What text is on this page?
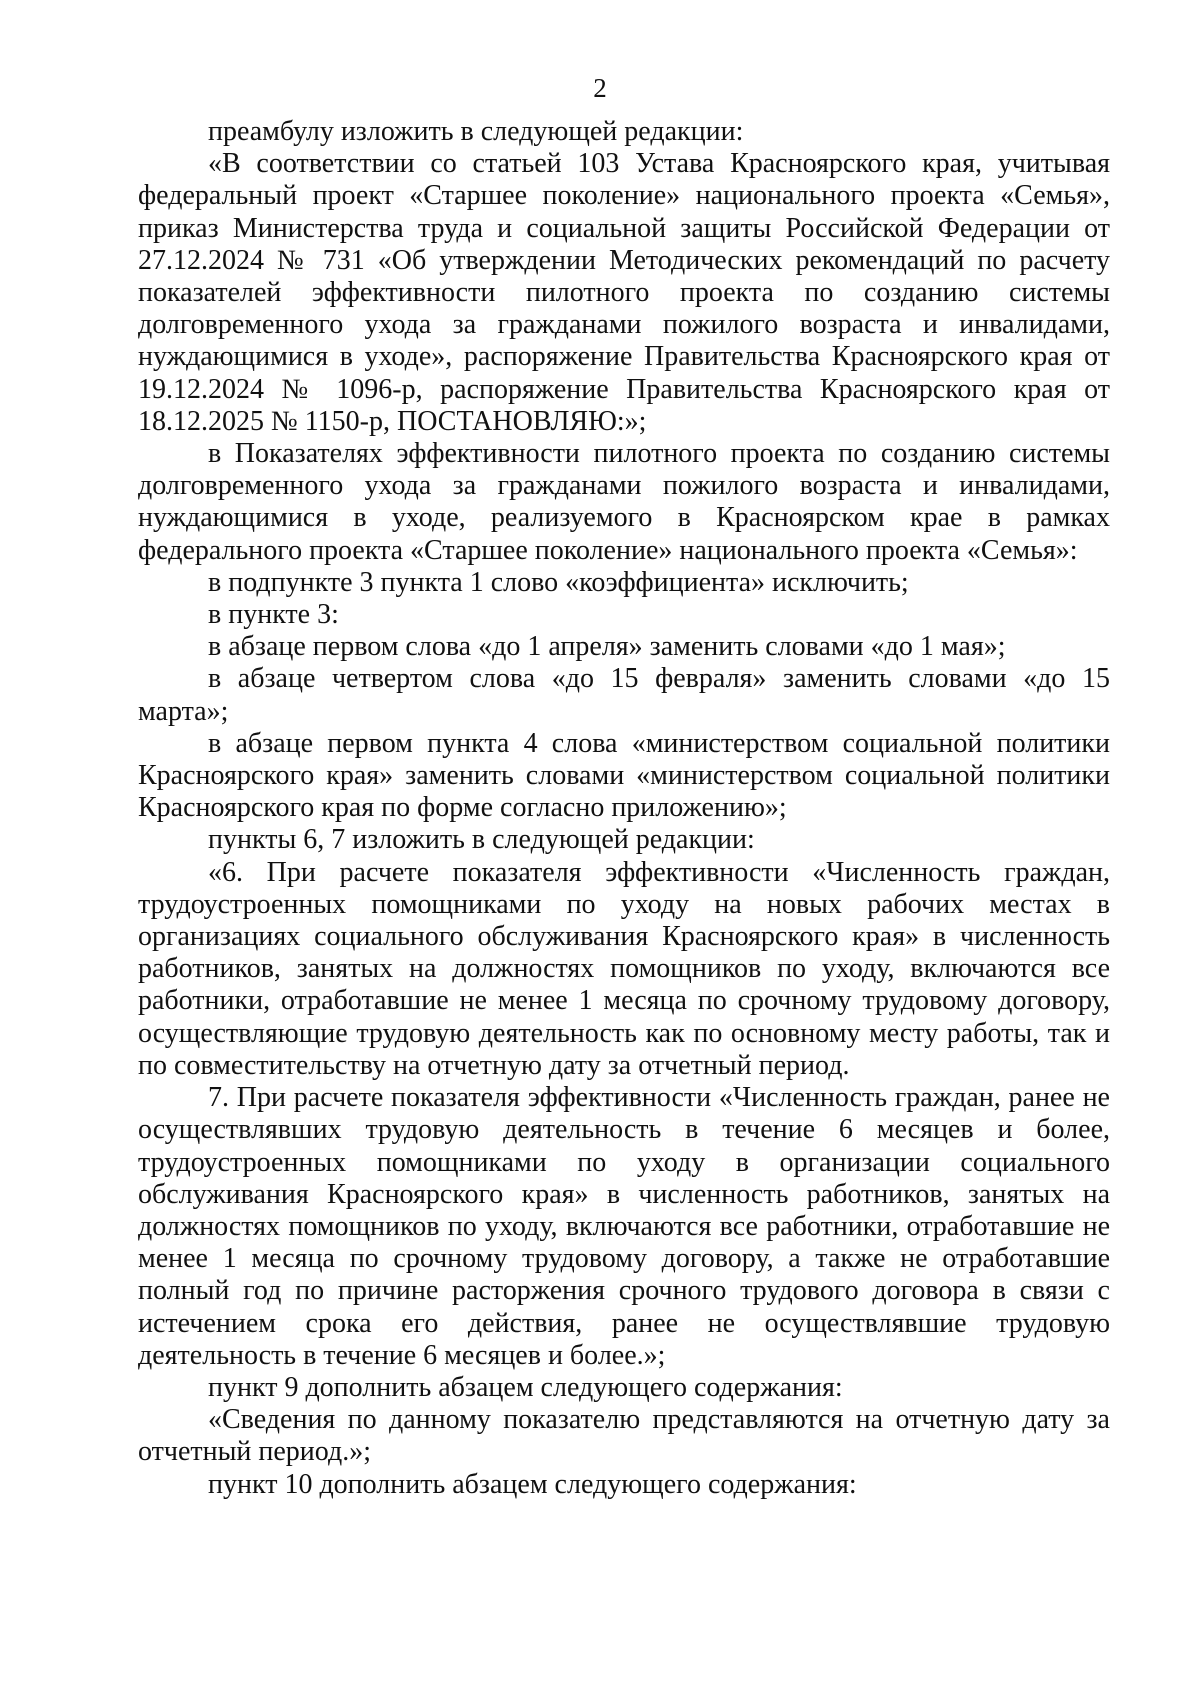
2

преамбулу изложить в следующей редакции:

«В соответствии со статьей 103 Устава Красноярского края, учитывая федеральный проект «Старшее поколение» национального проекта «Семья», приказ Министерства труда и социальной защиты Российской Федерации от 27.12.2024 № 731 «Об утверждении Методических рекомендаций по расчету показателей эффективности пилотного проекта по созданию системы долговременного ухода за гражданами пожилого возраста и инвалидами, нуждающимися в уходе», распоряжение Правительства Красноярского края от 19.12.2024 № 1096-р, распоряжение Правительства Красноярского края от 18.12.2025 № 1150-р, ПОСТАНОВЛЯЮ:»;

в Показателях эффективности пилотного проекта по созданию системы долговременного ухода за гражданами пожилого возраста и инвалидами, нуждающимися в уходе, реализуемого в Красноярском крае в рамках федерального проекта «Старшее поколение» национального проекта «Семья»:

в подпункте 3 пункта 1 слово «коэффициента» исключить;

в пункте 3:

в абзаце первом слова «до 1 апреля» заменить словами «до 1 мая»;

в абзаце четвертом слова «до 15 февраля» заменить словами «до 15 марта»;

в абзаце первом пункта 4 слова «министерством социальной политики Красноярского края» заменить словами «министерством социальной политики Красноярского края по форме согласно приложению»;

пункты 6, 7 изложить в следующей редакции:

«6. При расчете показателя эффективности «Численность граждан, трудоустроенных помощниками по уходу на новых рабочих местах в организациях социального обслуживания Красноярского края» в численность работников, занятых на должностях помощников по уходу, включаются все работники, отработавшие не менее 1 месяца по срочному трудовому договору, осуществляющие трудовую деятельность как по основному месту работы, так и по совместительству на отчетную дату за отчетный период.

7. При расчете показателя эффективности «Численность граждан, ранее не осуществлявших трудовую деятельность в течение 6 месяцев и более, трудоустроенных помощниками по уходу в организации социального обслуживания Красноярского края» в численность работников, занятых на должностях помощников по уходу, включаются все работники, отработавшие не менее 1 месяца по срочному трудовому договору, а также не отработавшие полный год по причине расторжения срочного трудового договора в связи с истечением срока его действия, ранее не осуществлявшие трудовую деятельность в течение 6 месяцев и более.»;

пункт 9 дополнить абзацем следующего содержания:

«Сведения по данному показателю представляются на отчетную дату за отчетный период.»;

пункт 10 дополнить абзацем следующего содержания:
